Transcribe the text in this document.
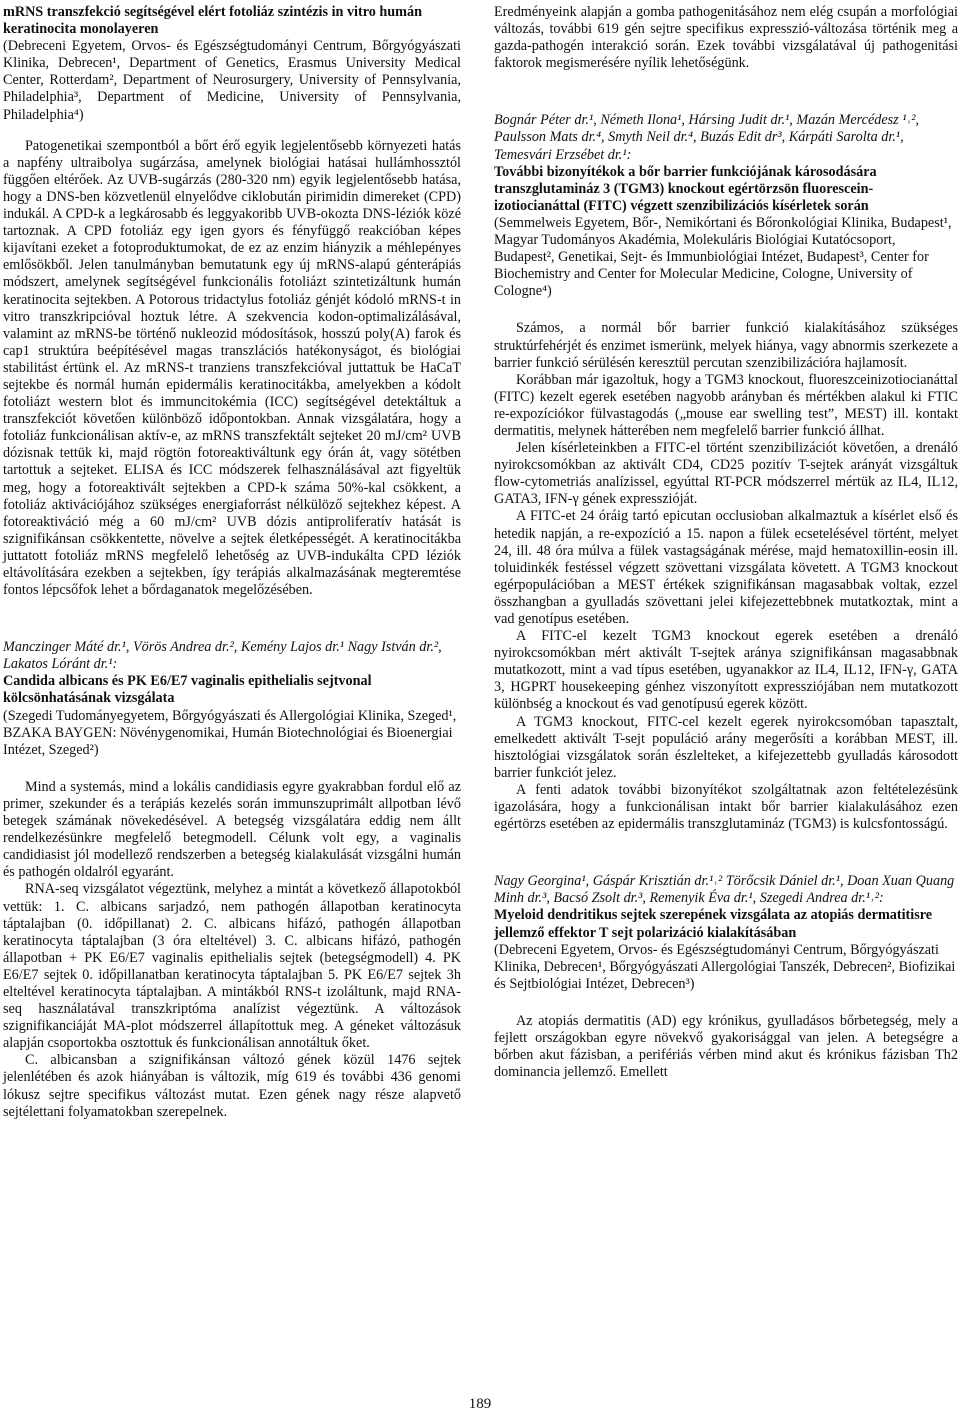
mRNS transzfekció segítségével elért fotoliáz szintézis in vitro humán keratinocita monolayeren

(Debreceni Egyetem, Orvos- és Egészségtudományi Centrum, Bőrgyógyászati Klinika, Debrecen¹, Department of Genetics, Erasmus University Medical Center, Rotterdam², Department of Neurosurgery, University of Pennsylvania, Philadelphia³, Department of Medicine, University of Pennsylvania, Philadelphia⁴)

Patogenetikai szempontból a bőrt érő egyik legjelentősebb környezeti hatás a napfény ultraibolya sugárzása, amelynek biológiai hatásai hullámhossztól függően eltérőek. Az UVB-sugárzás (280-320 nm) egyik legjelentősebb hatása, hogy a DNS-ben közvetlenül elnyelődve ciklobután pirimidin dimereket (CPD) indukál. A CPD-k a legkárosabb és leggyakoribb UVB-okozta DNS-léziók közé tartoznak. A CPD fotoliáz egy igen gyors és fényfüggő reakcióban képes kijavítani ezeket a fotoproduktumokat, de ez az enzim hiányzik a méhlepényes emlősökből. Jelen tanulmányban bemutatunk egy új mRNS-alapú génterápiás módszert, amelynek segítségével funkcionális fotoliázt szintetizáltunk humán keratinocita sejtekben. A Potorous tridactylus fotoliáz génjét kódoló mRNS-t in vitro transzkripcióval hoztuk létre. A szekvencia kodon-optimalizálásával, valamint az mRNS-be történő nukleozid módosítások, hosszú poly(A) farok és cap1 struktúra beépítésével magas transzlációs hatékonyságot, és biológiai stabilitást értünk el. Az mRNS-t tranziens transzfekcióval juttattuk be HaCaT sejtekbe és normál humán epidermális keratinocitákba, amelyekben a kódolt fotoliázt western blot és immuncitokémia (ICC) segítségével detektáltuk a transzfekciót követően különböző időpontokban. Annak vizsgálatára, hogy a fotoliáz funkcionálisan aktív-e, az mRNS transzfektált sejteket 20 mJ/cm² UVB dózisnak tettük ki, majd rögtön fotoreaktiváltunk egy órán át, vagy sötétben tartottuk a sejteket. ELISA és ICC módszerek felhasználásával azt figyeltük meg, hogy a fotoreaktivált sejtekben a CPD-k száma 50%-kal csökkent, a fotoliáz aktivációjához szükséges energiaforrást nélkülöző sejtekhez képest. A fotoreaktiváció még a 60 mJ/cm² UVB dózis antiproliferatív hatását is szignifikánsan csökkentette, növelve a sejtek életképességét. A keratinocitákba juttatott fotoliáz mRNS megfelelő lehetőség az UVB-indukálta CPD léziók eltávolítására ezekben a sejtekben, így terápiás alkalmazásának megteremtése fontos lépcsőfok lehet a bőrdaganatok megelőzésében.

Manczinger Máté dr.¹, Vörös Andrea dr.², Kemény Lajos dr.¹ Nagy István dr.², Lakatos Lóránt dr.¹:

Candida albicans és PK E6/E7 vaginalis epithelialis sejtvonal kölcsönhatásának vizsgálata

(Szegedi Tudományegyetem, Bőrgyógyászati és Allergológiai Klinika, Szeged¹, BZAKA BAYGEN: Növénygenomikai, Humán Biotechnológiai és Bioenergiai Intézet, Szeged²)

Mind a systemás, mind a lokális candidiasis egyre gyakrabban fordul elő az primer, szekunder és a terápiás kezelés során immunszuprimált allpotban lévő betegek számának növekedésével. A betegség vizsgálatára eddig nem állt rendelkezésünkre megfelelő betegmodell. Célunk volt egy, a vaginalis candidiasist jól modellező rendszerben a betegség kialakulását vizsgálni humán és pathogén oldalról egyaránt.

RNA-seq vizsgálatot végeztünk, melyhez a mintát a következő állapotokból vettük: 1. C. albicans sarjadzó, nem pathogén állapotban keratinocyta táptalajban (0. időpillanat) 2. C. albicans hifázó, pathogén állapotban keratinocyta táptalajban (3 óra elteltével) 3. C. albicans hifázó, pathogén állapotban + PK E6/E7 vaginalis epithelialis sejtek (betegségmodell) 4. PK E6/E7 sejtek 0. időpillanatban keratinocyta táptalajban 5. PK E6/E7 sejtek 3h elteltével keratinocyta táptalajban. A mintákból RNS-t izoláltunk, majd RNA-seq használatával transzkriptóma analízist végeztünk. A változások szignifikanciáját MA-plot módszerrel állapítottuk meg. A géneket változásuk alapján csoportokba osztottuk és funkcionálisan annotáltuk őket.

C. albicansban a szignifikánsan változó gének közül 1476 sejtek jelenlétében és azok hiányában is változik, míg 619 és további 436 genomi lókusz sejtre specifikus változást mutat. Ezen gének nagy része alapvető sejtélettani folyamatokban szerepelnek.

Eredményeink alapján a gomba pathogenitásához nem elég csupán a morfológiai változás, további 619 gén sejtre specifikus expresszió-változása történik meg a gazda-pathogén interakció során. Ezek további vizsgálatával új pathogenitási faktorok megismerésére nyílik lehetőségünk.

Bognár Péter dr.¹, Németh Ilona¹, Hársing Judit dr.¹, Mazán Mercédesz ¹˒², Paulsson Mats dr.⁴, Smyth Neil dr.⁴, Buzás Edit dr³, Kárpáti Sarolta dr.¹, Temesvári Erzsébet dr.¹:

További bizonyítékok a bőr barrier funkciójának károsodására transzglutamináz 3 (TGM3) knockout egértörzsön fluorescein-izotiocianáttal (FITC) végzett szenzibilizációs kísérletek során

(Semmelweis Egyetem, Bőr-, Nemikórtani és Bőronkológiai Klinika, Budapest¹, Magyar Tudományos Akadémia, Molekuláris Biológiai Kutatócsoport, Budapest², Genetikai, Sejt- és Immunbiológiai Intézet, Budapest³, Center for Biochemistry and Center for Molecular Medicine, Cologne, University of Cologne⁴)

Számos, a normál bőr barrier funkció kialakításához szükséges struktúrfehérjét és enzimet ismerünk, melyek hiánya, vagy abnormis szerkezete a barrier funkció sérülésén keresztül percutan szenzibilizációra hajlamosít.

Korábban már igazoltuk, hogy a TGM3 knockout, fluoreszceinizotiocianáttal (FITC) kezelt egerek esetében nagyobb arányban és mértékben alakul ki FTIC re-expozíciókor fülvastagodás („mouse ear swelling test”, MEST) ill. kontakt dermatitis, melynek hátterében nem megfelelő barrier funkció állhat.

Jelen kísérleteinkben a FITC-el történt szenzibilizációt követően, a drenáló nyirokcsomókban az aktivált CD4, CD25 pozitív T-sejtek arányát vizsgáltuk flow-cytometriás analízissel, egyúttal RT-PCR módszerrel mértük az IL4, IL12, GATA3, IFN-γ gének expresszióját.

A FITC-et 24 óráig tartó epicutan occlusioban alkalmaztuk a kísérlet első és hetedik napján, a re-expozíció a 15. napon a fülek ecsetelésével történt, melyet 24, ill. 48 óra múlva a fülek vastagságának mérése, majd hematoxillin-eosin ill. toluidinkék festéssel végzett szövettani vizsgálata követett. A TGM3 knockout egérpopulációban a MEST értékek szignifikánsan magasabbak voltak, ezzel összhangban a gyulladás szövettani jelei kifejezettebbnek mutatkoztak, mint a vad genotípus esetében.

A FITC-el kezelt TGM3 knockout egerek esetében a drenáló nyirokcsomókban mért aktivált T-sejtek aránya szignifikánsan magasabbnak mutatkozott, mint a vad típus esetében, ugyanakkor az IL4, IL12, IFN-γ, GATA 3, HGPRT housekeeping génhez viszonyított expressziójában nem mutatkozott különbség a knockout és vad genotípusú egerek között.

A TGM3 knockout, FITC-cel kezelt egerek nyirokcsomóban tapasztalt, emelkedett aktivált T-sejt populáció arány megerősíti a korábban MEST, ill. hisztológiai vizsgálatok során észlelteket, a kifejezettebb gyulladás károsodott barrier funkciót jelez.

A fenti adatok további bizonyítékot szolgáltatnak azon feltételezésünk igazolására, hogy a funkcionálisan intakt bőr barrier kialakulásához ezen egértörzs esetében az epidermális transzglutamináz (TGM3) is kulcsfontosságú.

Nagy Georgina¹, Gáspár Krisztián dr.¹˒² Törőcsik Dániel dr.¹, Doan Xuan Quang Minh dr.³, Bacsó Zsolt dr.³, Remenyik Éva dr.¹, Szegedi Andrea dr.¹˒²:

Myeloid dendritikus sejtek szerepének vizsgálata az atopiás dermatitisre jellemző effektor T sejt polarizáció kialakításában

(Debreceni Egyetem, Orvos- és Egészségtudományi Centrum, Bőrgyógyászati Klinika, Debrecen¹, Bőrgyógyászati Allergológiai Tanszék, Debrecen², Biofizikai és Sejtbiológiai Intézet, Debrecen³)

Az atopiás dermatitis (AD) egy krónikus, gyulladásos bőrbetegség, mely a fejlett országokban egyre növekvő gyakorisággal van jelen. A betegségre a bőrben akut fázisban, a perifériás vérben mind akut és krónikus fázisban Th2 dominancia jellemző. Emellett

189
